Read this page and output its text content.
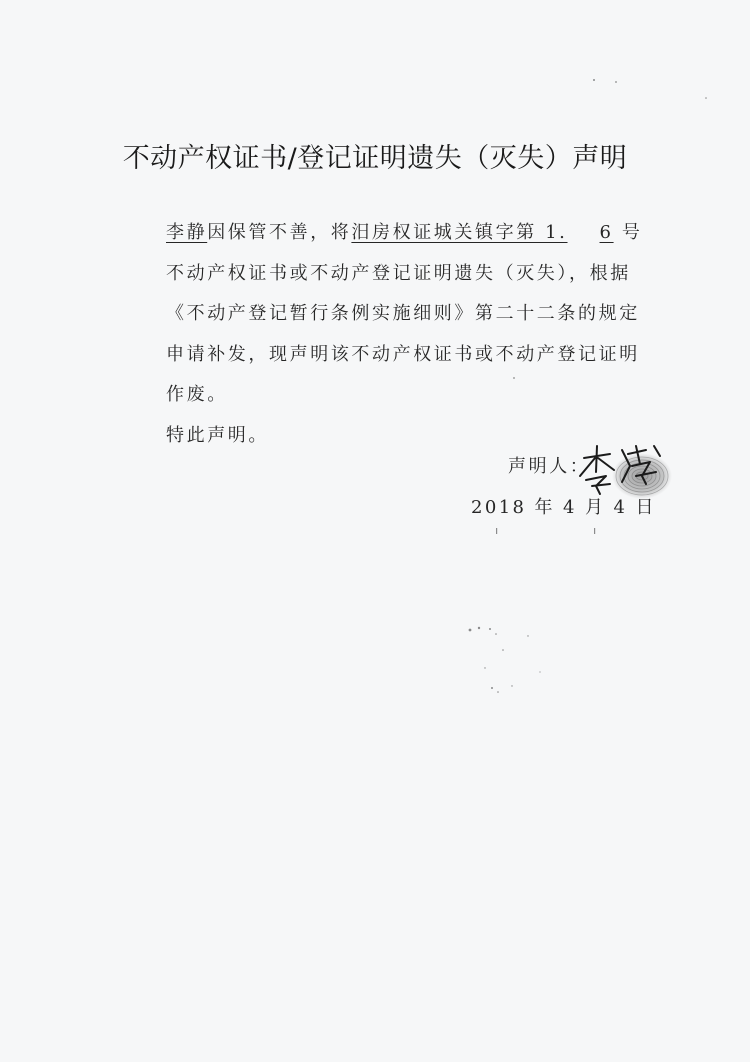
不动产权证书/登记证明遗失（灭失）声明

李静因保管不善，将汨房权证城关镇字第 1. 6 号不动产权证书或不动产登记证明遗失（灭失），根据《不动产登记暂行条例实施细则》第二十二条的规定申请补发，现声明该不动产权证书或不动产登记证明作废。

特此声明。

声明人：
2018 年 4 月 4 日
